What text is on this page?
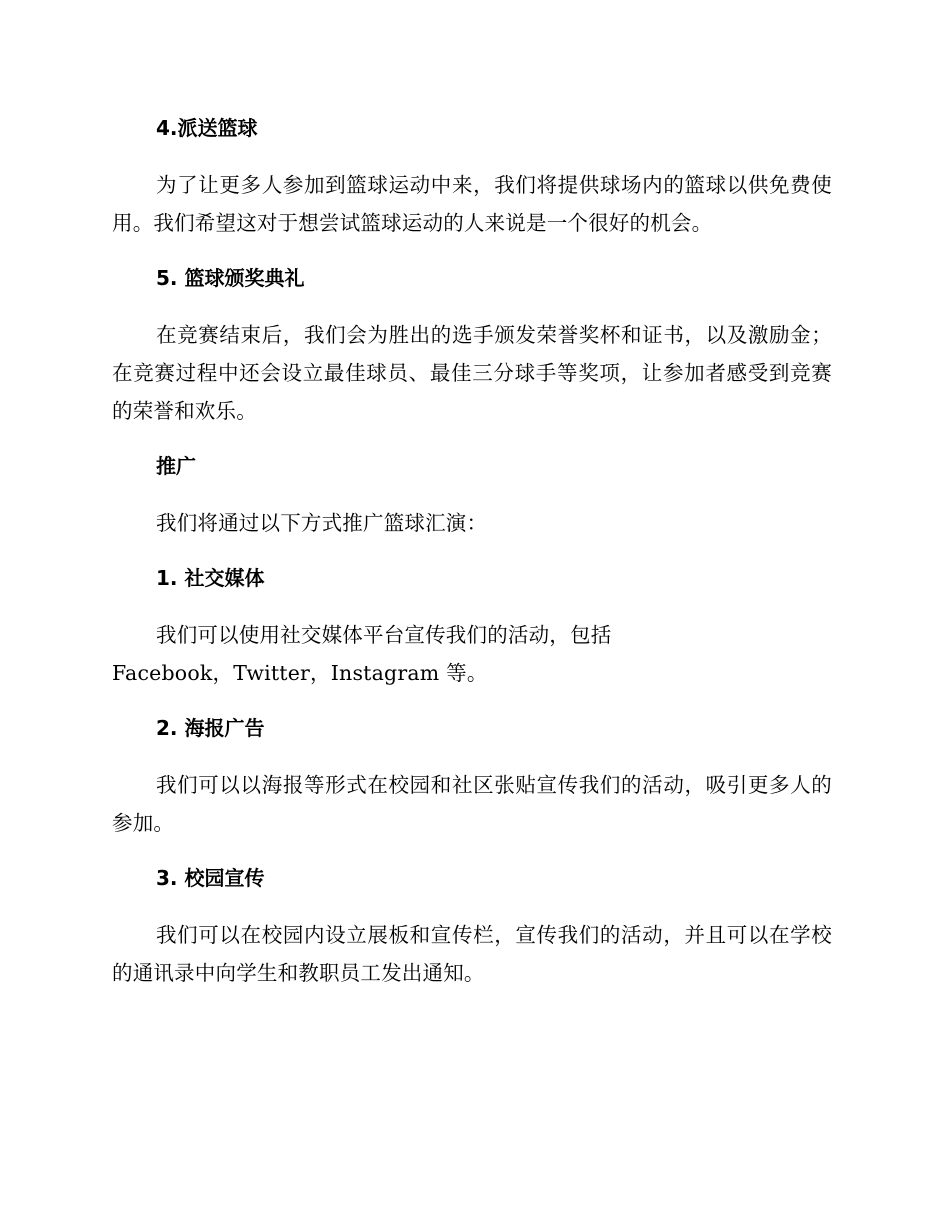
4.派送篮球

为了让更多人参加到篮球运动中来，我们将提供球场内的篮球以供免费使用。我们希望这对于想尝试篮球运动的人来说是一个很好的机会。

5. 篮球颁奖典礼

在竞赛结束后，我们会为胜出的选手颁发荣誉奖杯和证书，以及激励金；在竞赛过程中还会设立最佳球员、最佳三分球手等奖项，让参加者感受到竞赛的荣誉和欢乐。

推广

我们将通过以下方式推广篮球汇演：

1. 社交媒体

我们可以使用社交媒体平台宣传我们的活动，包括
Facebook，Twitter，Instagram 等。

2. 海报广告

我们可以以海报等形式在校园和社区张贴宣传我们的活动，吸引更多人的参加。

3. 校园宣传

我们可以在校园内设立展板和宣传栏，宣传我们的活动，并且可以在学校的通讯录中向学生和教职员工发出通知。
